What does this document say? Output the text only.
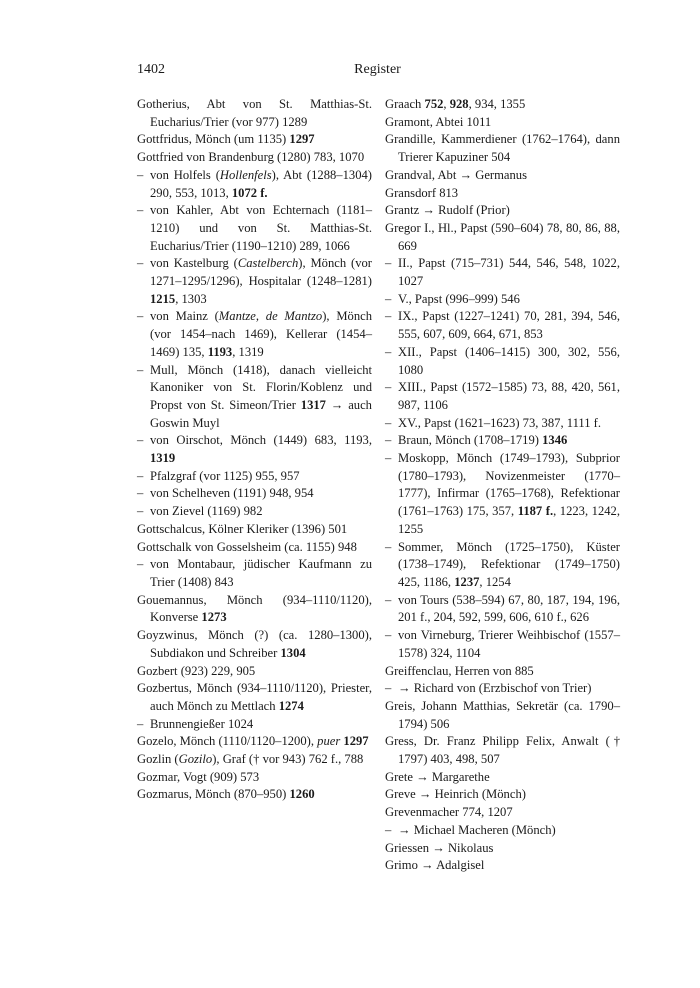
1402	Register
Gotherius, Abt von St. Matthias-St. Eucharius/Trier (vor 977) 1289
Gottfridus, Mönch (um 1135) 1297
Gottfried von Brandenburg (1280) 783, 1070
– von Holfels (Hollenfels), Abt (1288–1304) 290, 553, 1013, 1072 f.
– von Kahler, Abt von Echternach (1181–1210) und von St. Matthias-St. Eucharius/Trier (1190–1210) 289, 1066
– von Kastelburg (Castelberch), Mönch (vor 1271–1295/1296), Hospitalar (1248–1281) 1215, 1303
– von Mainz (Mantze, de Mantzo), Mönch (vor 1454–nach 1469), Kellerar (1454–1469) 135, 1193, 1319
– Mull, Mönch (1418), danach vielleicht Kanoniker von St. Florin/Koblenz und Propst von St. Simeon/Trier 1317 → auch Goswin Muyl
– von Oirschot, Mönch (1449) 683, 1193, 1319
– Pfalzgraf (vor 1125) 955, 957
– von Schelheven (1191) 948, 954
– von Zievel (1169) 982
Gottschalcus, Kölner Kleriker (1396) 501
Gottschalk von Gosselsheim (ca. 1155) 948
– von Montabaur, jüdischer Kaufmann zu Trier (1408) 843
Gouemannus, Mönch (934–1110/1120), Konverse 1273
Goyzwinus, Mönch (?) (ca. 1280–1300), Subdiakon und Schreiber 1304
Gozbert (923) 229, 905
Gozbertus, Mönch (934–1110/1120), Priester, auch Mönch zu Mettlach 1274
– Brunnengießer 1024
Gozelo, Mönch (1110/1120–1200), puer 1297
Gozlin (Gozilo), Graf († vor 943) 762 f., 788
Gozmar, Vogt (909) 573
Gozmarus, Mönch (870–950) 1260
Graach 752, 928, 934, 1355
Gramont, Abtei 1011
Grandille, Kammerdiener (1762–1764), dann Trierer Kapuziner 504
Grandval, Abt → Germanus
Gransdorf 813
Grantz → Rudolf (Prior)
Gregor I., Hl., Papst (590–604) 78, 80, 86, 88, 669
– II., Papst (715–731) 544, 546, 548, 1022, 1027
– V., Papst (996–999) 546
– IX., Papst (1227–1241) 70, 281, 394, 546, 555, 607, 609, 664, 671, 853
– XII., Papst (1406–1415) 300, 302, 556, 1080
– XIII., Papst (1572–1585) 73, 88, 420, 561, 987, 1106
– XV., Papst (1621–1623) 73, 387, 1111 f.
– Braun, Mönch (1708–1719) 1346
– Moskopp, Mönch (1749–1793), Subprior (1780–1793), Novizenmeister (1770–1777), Infirmar (1765–1768), Refektionar (1761–1763) 175, 357, 1187 f., 1223, 1242, 1255
– Sommer, Mönch (1725–1750), Küster (1738–1749), Refektionar (1749–1750) 425, 1186, 1237, 1254
– von Tours (538–594) 67, 80, 187, 194, 196, 201 f., 204, 592, 599, 606, 610 f., 626
– von Virneburg, Trierer Weihbischof (1557–1578) 324, 1104
Greiffenclau, Herren von 885
– → Richard von (Erzbischof von Trier)
Greis, Johann Matthias, Sekretär (ca. 1790–1794) 506
Gress, Dr. Franz Philipp Felix, Anwalt († 1797) 403, 498, 507
Grete → Margarethe
Greve → Heinrich (Mönch)
Grevenmacher 774, 1207
– → Michael Macheren (Mönch)
Griessen → Nikolaus
Grimo → Adalgisel
